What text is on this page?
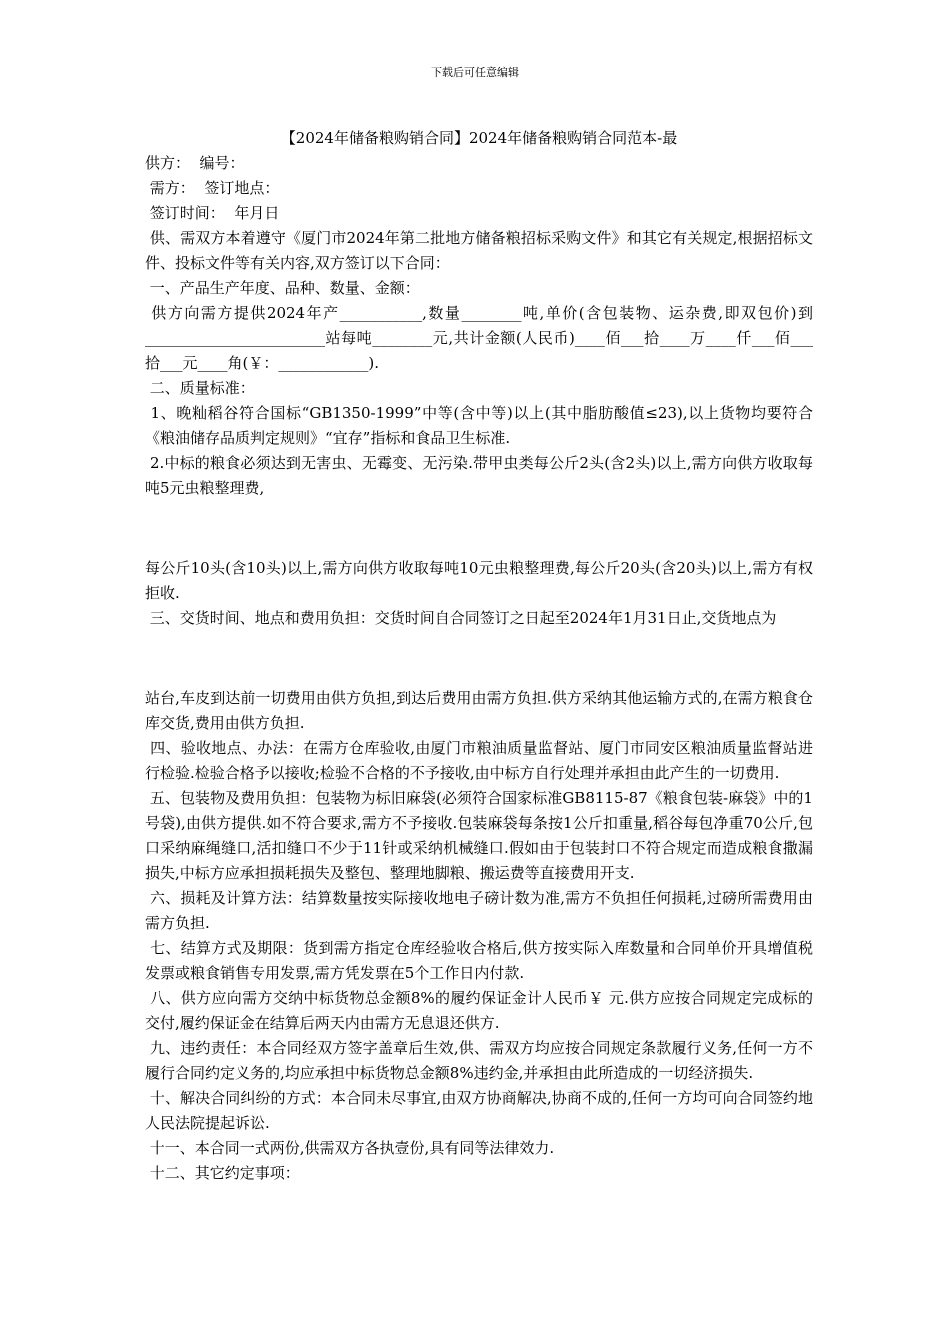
下载后可任意编辑
【2024年储备粮购销合同】2024年储备粮购销合同范本-最

供方：  编号：

需方：  签订地点：

签订时间：  年月日

供、需双方本着遵守《厦门市2024年第二批地方储备粮招标采购文件》和其它有关规定,根据招标文件、投标文件等有关内容,双方签订以下合同：

一、产品生产年度、品种、数量、金额：

供方向需方提供2024年产___________,数量________吨,单价(含包装物、运杂费,即双包价)到________________________站每吨________元,共计金额(人民币)____佰___拾____万____仟___佰___拾___元____角(￥：____________).

二、质量标准：

1、晚籼稻谷符合国标“GB1350-1999”中等(含中等)以上(其中脂肪酸值≤23),以上货物均要符合《粮油储存品质判定规则》“宜存”指标和食品卫生标准.

2.中标的粮食必须达到无害虫、无霉变、无污染.带甲虫类每公斤2头(含2头)以上,需方向供方收取每吨5元虫粮整理费,

每公斤10头(含10头)以上,需方向供方收取每吨10元虫粮整理费,每公斤20头(含20头)以上,需方有权拒收.

三、交货时间、地点和费用负担：交货时间自合同签订之日起至2024年1月31日止,交货地点为

站台,车皮到达前一切费用由供方负担,到达后费用由需方负担.供方采纳其他运输方式的,在需方粮食仓库交货,费用由供方负担.

四、验收地点、办法：在需方仓库验收,由厦门市粮油质量监督站、厦门市同安区粮油质量监督站进行检验.检验合格予以接收;检验不合格的不予接收,由中标方自行处理并承担由此产生的一切费用.

五、包装物及费用负担：包装物为标旧麻袋(必须符合国家标准GB8115-87《粮食包装-麻袋》中的1号袋),由供方提供.如不符合要求,需方不予接收.包装麻袋每条按1公斤扣重量,稻谷每包净重70公斤,包口采纳麻绳缝口,活扣缝口不少于11针或采纳机械缝口.假如由于包装封口不符合规定而造成粮食撒漏损失,中标方应承担损耗损失及整包、整理地脚粮、搬运费等直接费用开支.

六、损耗及计算方法：结算数量按实际接收地电子磅计数为准,需方不负担任何损耗,过磅所需费用由需方负担.

七、结算方式及期限：货到需方指定仓库经验收合格后,供方按实际入库数量和合同单价开具增值税发票或粮食销售专用发票,需方凭发票在5个工作日内付款.

八、供方应向需方交纳中标货物总金额8%的履约保证金计人民币￥ 元.供方应按合同规定完成标的交付,履约保证金在结算后两天内由需方无息退还供方.

九、违约责任：本合同经双方签字盖章后生效,供、需双方均应按合同规定条款履行义务,任何一方不履行合同约定义务的,均应承担中标货物总金额8%违约金,并承担由此所造成的一切经济损失.

十、解决合同纠纷的方式：本合同未尽事宜,由双方协商解决,协商不成的,任何一方均可向合同签约地人民法院提起诉讼.

十一、本合同一式两份,供需双方各执壹份,具有同等法律效力.

十二、其它约定事项：
